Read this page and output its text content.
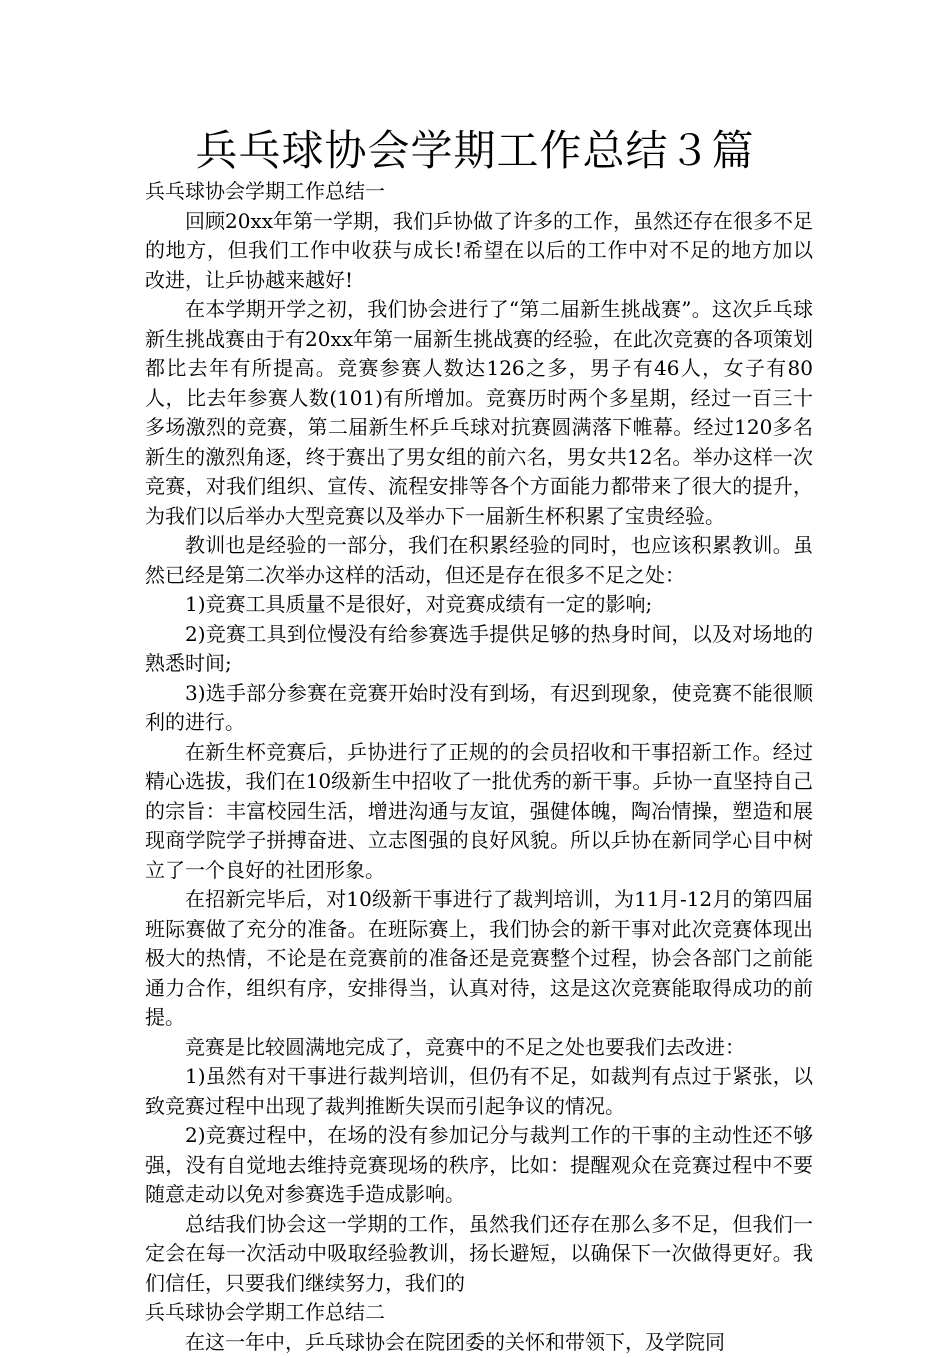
兵乓球协会学期工作总结３篇

兵乓球协会学期工作总结一

回顾20xx年第一学期，我们乒协做了许多的工作，虽然还存在很多不足的地方，但我们工作中收获与成长!希望在以后的工作中对不足的地方加以改进，让乒协越来越好!

在本学期开学之初，我们协会进行了“第二届新生挑战赛”。这次乒乓球新生挑战赛由于有20xx年第一届新生挑战赛的经验，在此次竞赛的各项策划都比去年有所提高。竞赛参赛人数达126之多，男子有46人，女子有80人，比去年参赛人数(101)有所增加。竞赛历时两个多星期，经过一百三十多场激烈的竞赛，第二届新生杯乒乓球对抗赛圆满落下帷幕。经过120多名新生的激烈角逐，终于赛出了男女组的前六名，男女共12名。举办这样一次竞赛，对我们组织、宣传、流程安排等各个方面能力都带来了很大的提升，为我们以后举办大型竞赛以及举办下一届新生杯积累了宝贵经验。

教训也是经验的一部分，我们在积累经验的同时，也应该积累教训。虽然已经是第二次举办这样的活动，但还是存在很多不足之处：

1)竞赛工具质量不是很好，对竞赛成绩有一定的影响;

2)竞赛工具到位慢没有给参赛选手提供足够的热身时间，以及对场地的熟悉时间;

3)选手部分参赛在竞赛开始时没有到场，有迟到现象，使竞赛不能很顺利的进行。

在新生杯竞赛后，乒协进行了正规的的会员招收和干事招新工作。经过精心选拔，我们在10级新生中招收了一批优秀的新干事。乒协一直坚持自己的宗旨：丰富校园生活，增进沟通与友谊，强健体魄，陶冶情操，塑造和展现商学院学子拼搏奋进、立志图强的良好风貌。所以乒协在新同学心目中树立了一个良好的社团形象。

在招新完毕后，对10级新干事进行了裁判培训，为11月-12月的第四届班际赛做了充分的准备。在班际赛上，我们协会的新干事对此次竞赛体现出极大的热情，不论是在竞赛前的准备还是竞赛整个过程，协会各部门之前能通力合作，组织有序，安排得当，认真对待，这是这次竞赛能取得成功的前提。

竞赛是比较圆满地完成了，竞赛中的不足之处也要我们去改进：

1)虽然有对干事进行裁判培训，但仍有不足，如裁判有点过于紧张，以致竞赛过程中出现了裁判推断失误而引起争议的情况。

2)竞赛过程中，在场的没有参加记分与裁判工作的干事的主动性还不够强，没有自觉地去维持竞赛现场的秩序，比如：提醒观众在竞赛过程中不要随意走动以免对参赛选手造成影响。

总结我们协会这一学期的工作，虽然我们还存在那么多不足，但我们一定会在每一次活动中吸取经验教训，扬长避短，以确保下一次做得更好。我们信任，只要我们继续努力，我们的

兵乓球协会学期工作总结二

在这一年中，乒乓球协会在院团委的关怀和带领下，及学院同
